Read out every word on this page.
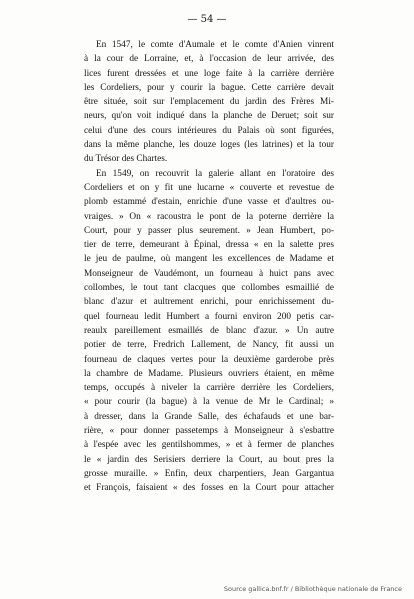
— 54 —
En 1547, le comte d'Aumale et le comte d'Anien vinrent
à la cour de Lorraine, et, à l'occasion de leur arrivée, des
lices furent dressées et une loge faite à la carrière derrière
les Cordeliers, pour y courir la bague. Cette carrière devait
être située, soit sur l'emplacement du jardin des Frères Mi-
neurs, qu'on voit indiqué dans la planche de Deruet; soit sur
celui d'une des cours intérieures du Palais où sont figurées,
dans la même planche, les douze loges (les latrines) et la tour
du Trésor des Chartes.
En 1549, on recouvrit la galerie allant en l'oratoire des
Cordeliers et on y fit une lucarne « couverte et revestue de
plomb estammé d'estain, enrichie d'une vasse et d'aultres ou-
vraiges. » On « racoustra le pont de la poterne derrière la
Court, pour y passer plus seurement. » Jean Humbert, po-
tier de terre, demeurant à Épinal, dressa « en la salette pres
le jeu de paulme, où mangent les excellences de Madame et
Monseigneur de Vaudémont, un fourneau à huict pans avec
collombes, le tout tant clacques que collombes esmaillié de
blanc d'azur et aultrement enrichi, pour enrichissement du-
quel fourneau ledit Humbert a fourni environ 200 petis car-
reaulx pareillement esmaillés de blanc d'azur. » Un autre
potier de terre, Fredrich Lallement, de Nancy, fit aussi un
fourneau de claques vertes pour la deuxième garderobe près
la chambre de Madame. Plusieurs ouvriers étaient, en même
temps, occupés à niveler la carrière derrière les Cordeliers,
« pour courir (la bague) à la venue de Mr le Cardinal; »
à dresser, dans la Grande Salle, des échafauds et une bar-
rière, « pour donner passetemps à Monseigneur à s'esbattre
à l'espée avec les gentilshommes, » et à fermer de planches
le « jardin des Serisiers derriere la Court, au bout pres la
grosse muraille. » Enfin, deux charpentiers, Jean Gargantua
et François, faisaient « des fosses en la Court pour attacher
Source gallica.bnf.fr / Bibliothèque nationale de France
